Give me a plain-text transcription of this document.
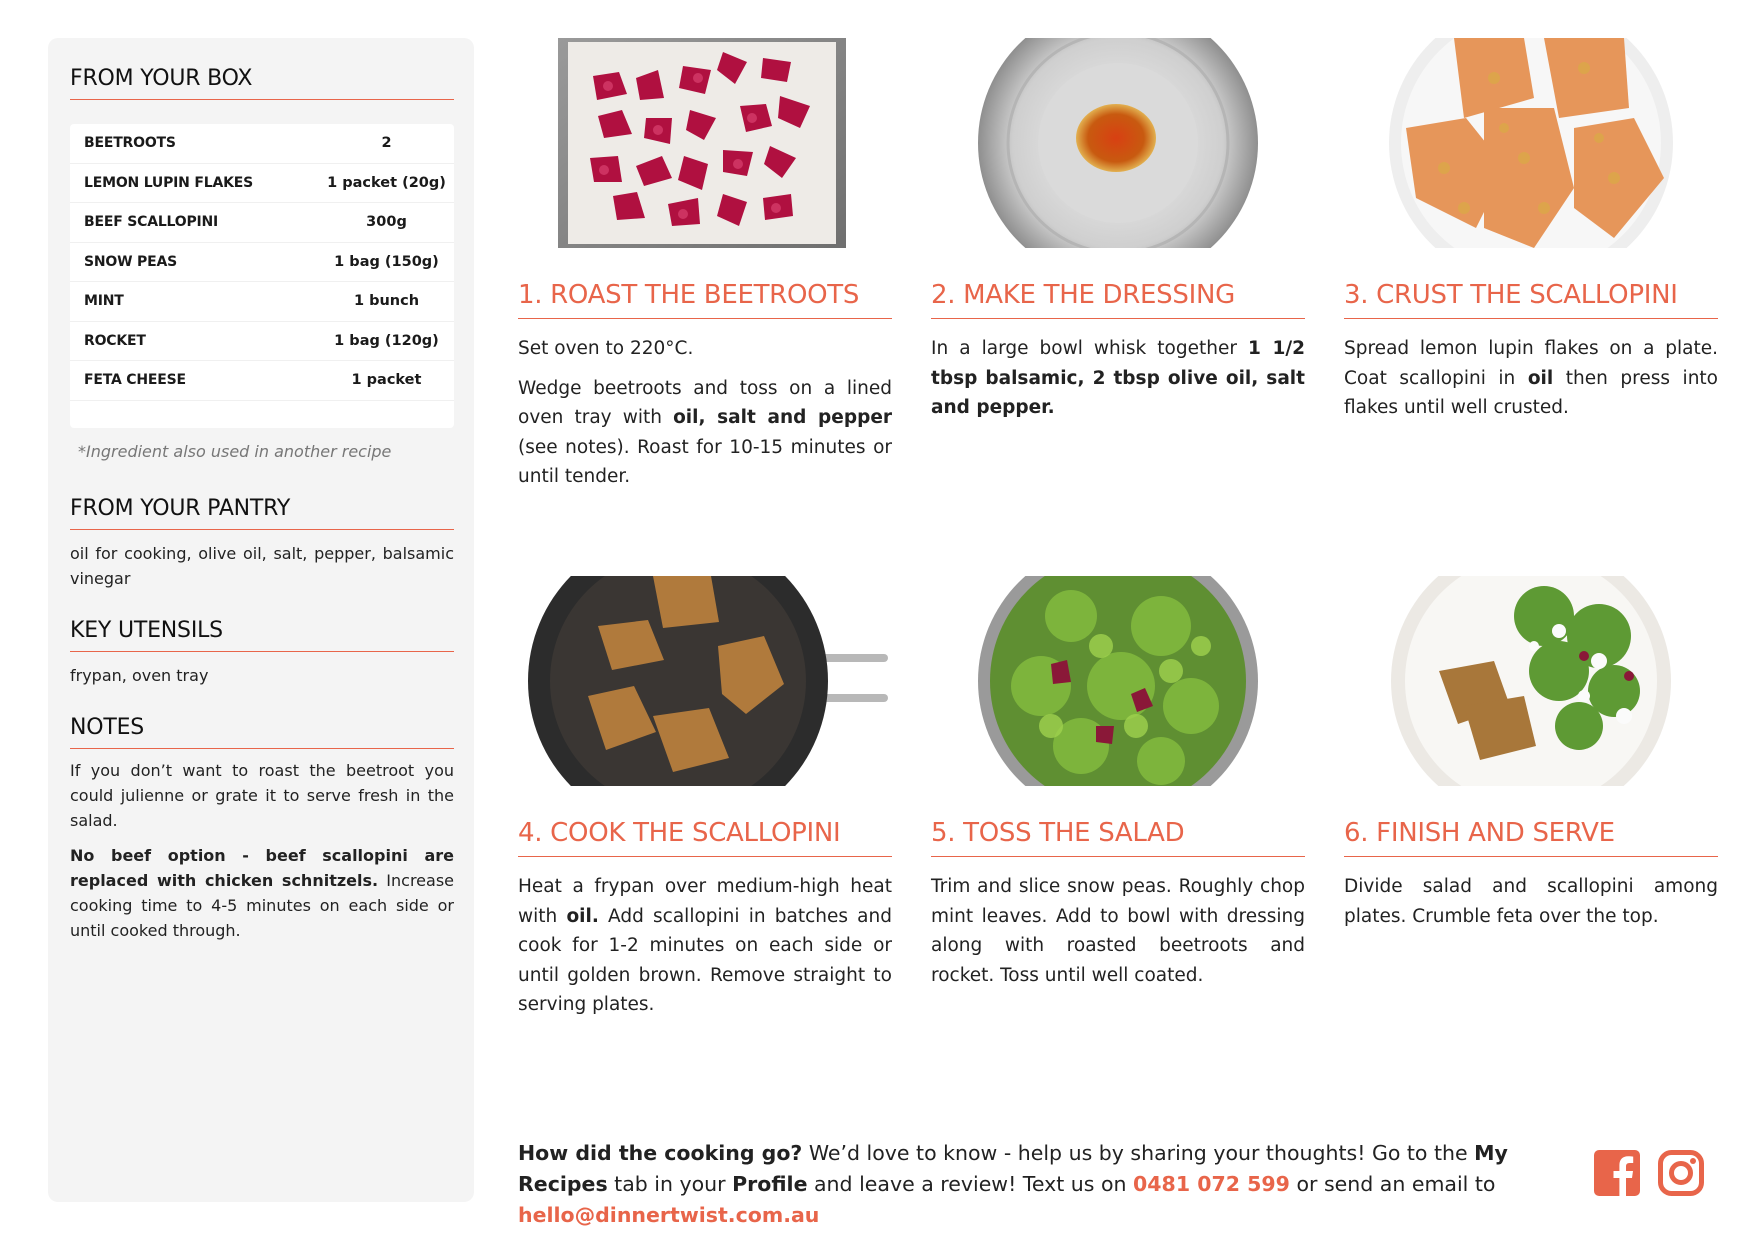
FROM YOUR BOX
BEETROOTS	2
LEMON LUPIN FLAKES	1 packet (20g)
BEEF SCALLOPINI	300g
SNOW PEAS	1 bag (150g)
MINT	1 bunch
ROCKET	1 bag (120g)
FETA CHEESE	1 packet
*Ingredient also used in another recipe
FROM YOUR PANTRY
oil for cooking, olive oil, salt, pepper, balsamic vinegar
KEY UTENSILS
frypan, oven tray
NOTES

If you don’t want to roast the beetroot you could julienne or grate it to serve fresh in the salad.

No beef option - beef scallopini are replaced with chicken schnitzels. Increase cooking time to 4-5 minutes on each side or until cooked through.

1. ROAST THE BEETROOTS

Set oven to 220°C.

Wedge beetroots and toss on a lined oven tray with oil, salt and pepper (see notes). Roast for 10-15 minutes or until tender.

2. MAKE THE DRESSING

In a large bowl whisk together 1 1/2 tbsp balsamic, 2 tbsp olive oil, salt and pepper.

3. CRUST THE SCALLOPINI

Spread lemon lupin flakes on a plate. Coat scallopini in oil then press into flakes until well crusted.

4. COOK THE SCALLOPINI

Heat a frypan over medium-high heat with oil. Add scallopini in batches and cook for 1-2 minutes on each side or until golden brown. Remove straight to serving plates.

5. TOSS THE SALAD

Trim and slice snow peas. Roughly chop mint leaves. Add to bowl with dressing along with roasted beetroots and rocket. Toss until well coated.

6. FINISH AND SERVE

Divide salad and scallopini among plates. Crumble feta over the top.

How did the cooking go? We’d love to know - help us by sharing your thoughts! Go to the My Recipes tab in your Profile and leave a review! Text us on 0481 072 599 or send an email to hello@dinnertwist.com.au
